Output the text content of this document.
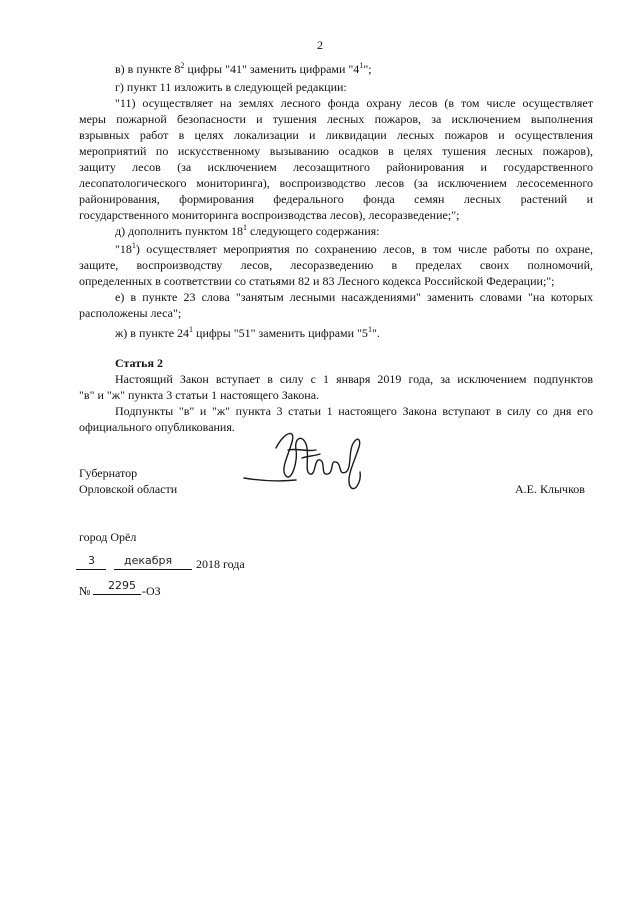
2
в) в пункте $8^2$ цифры "41" заменить цифрами "$4^1$";
г) пункт 11 изложить в следующей редакции:
"11) осуществляет на землях лесного фонда охрану лесов (в том числе осуществляет
меры пожарной безопасности и тушения лесных пожаров, за исключением выполнения
взрывных работ в целях локализации и ликвидации лесных пожаров и осуществления
мероприятий по искусственному вызыванию осадков в целях тушения лесных пожаров),
защиту лесов (за исключением лесозащитного районирования и государственного
лесопатологического мониторинга), воспроизводство лесов (за исключением лесосеменного
районирования, формирования федерального фонда семян лесных растений и
государственного мониторинга воспроизводства лесов), лесоразведение;";
д) дополнить пунктом $18^1$ следующего содержания:
"$18^1$) осуществляет мероприятия по сохранению лесов, в том числе работы по охране,
защите, воспроизводству лесов, лесоразведению в пределах своих полномочий,
определенных в соответствии со статьями 82 и 83 Лесного кодекса Российской Федерации;";
е) в пункте 23 слова "занятым лесными насаждениями" заменить словами "на которых
расположены леса";
ж) в пункте $24^1$ цифры "51" заменить цифрами "$5^1$".
Статья 2
Настоящий Закон вступает в силу с 1 января 2019 года, за исключением подпунктов
"в" и "ж" пункта 3 статьи 1 настоящего Закона.
Подпункты "в" и "ж" пункта 3 статьи 1 настоящего Закона вступают в силу со дня его
официального опубликования.
Губернатор
Орловской области	А.Е. Клычков
город Орёл
3	декабря 2018 года
№ 2295 -ОЗ
